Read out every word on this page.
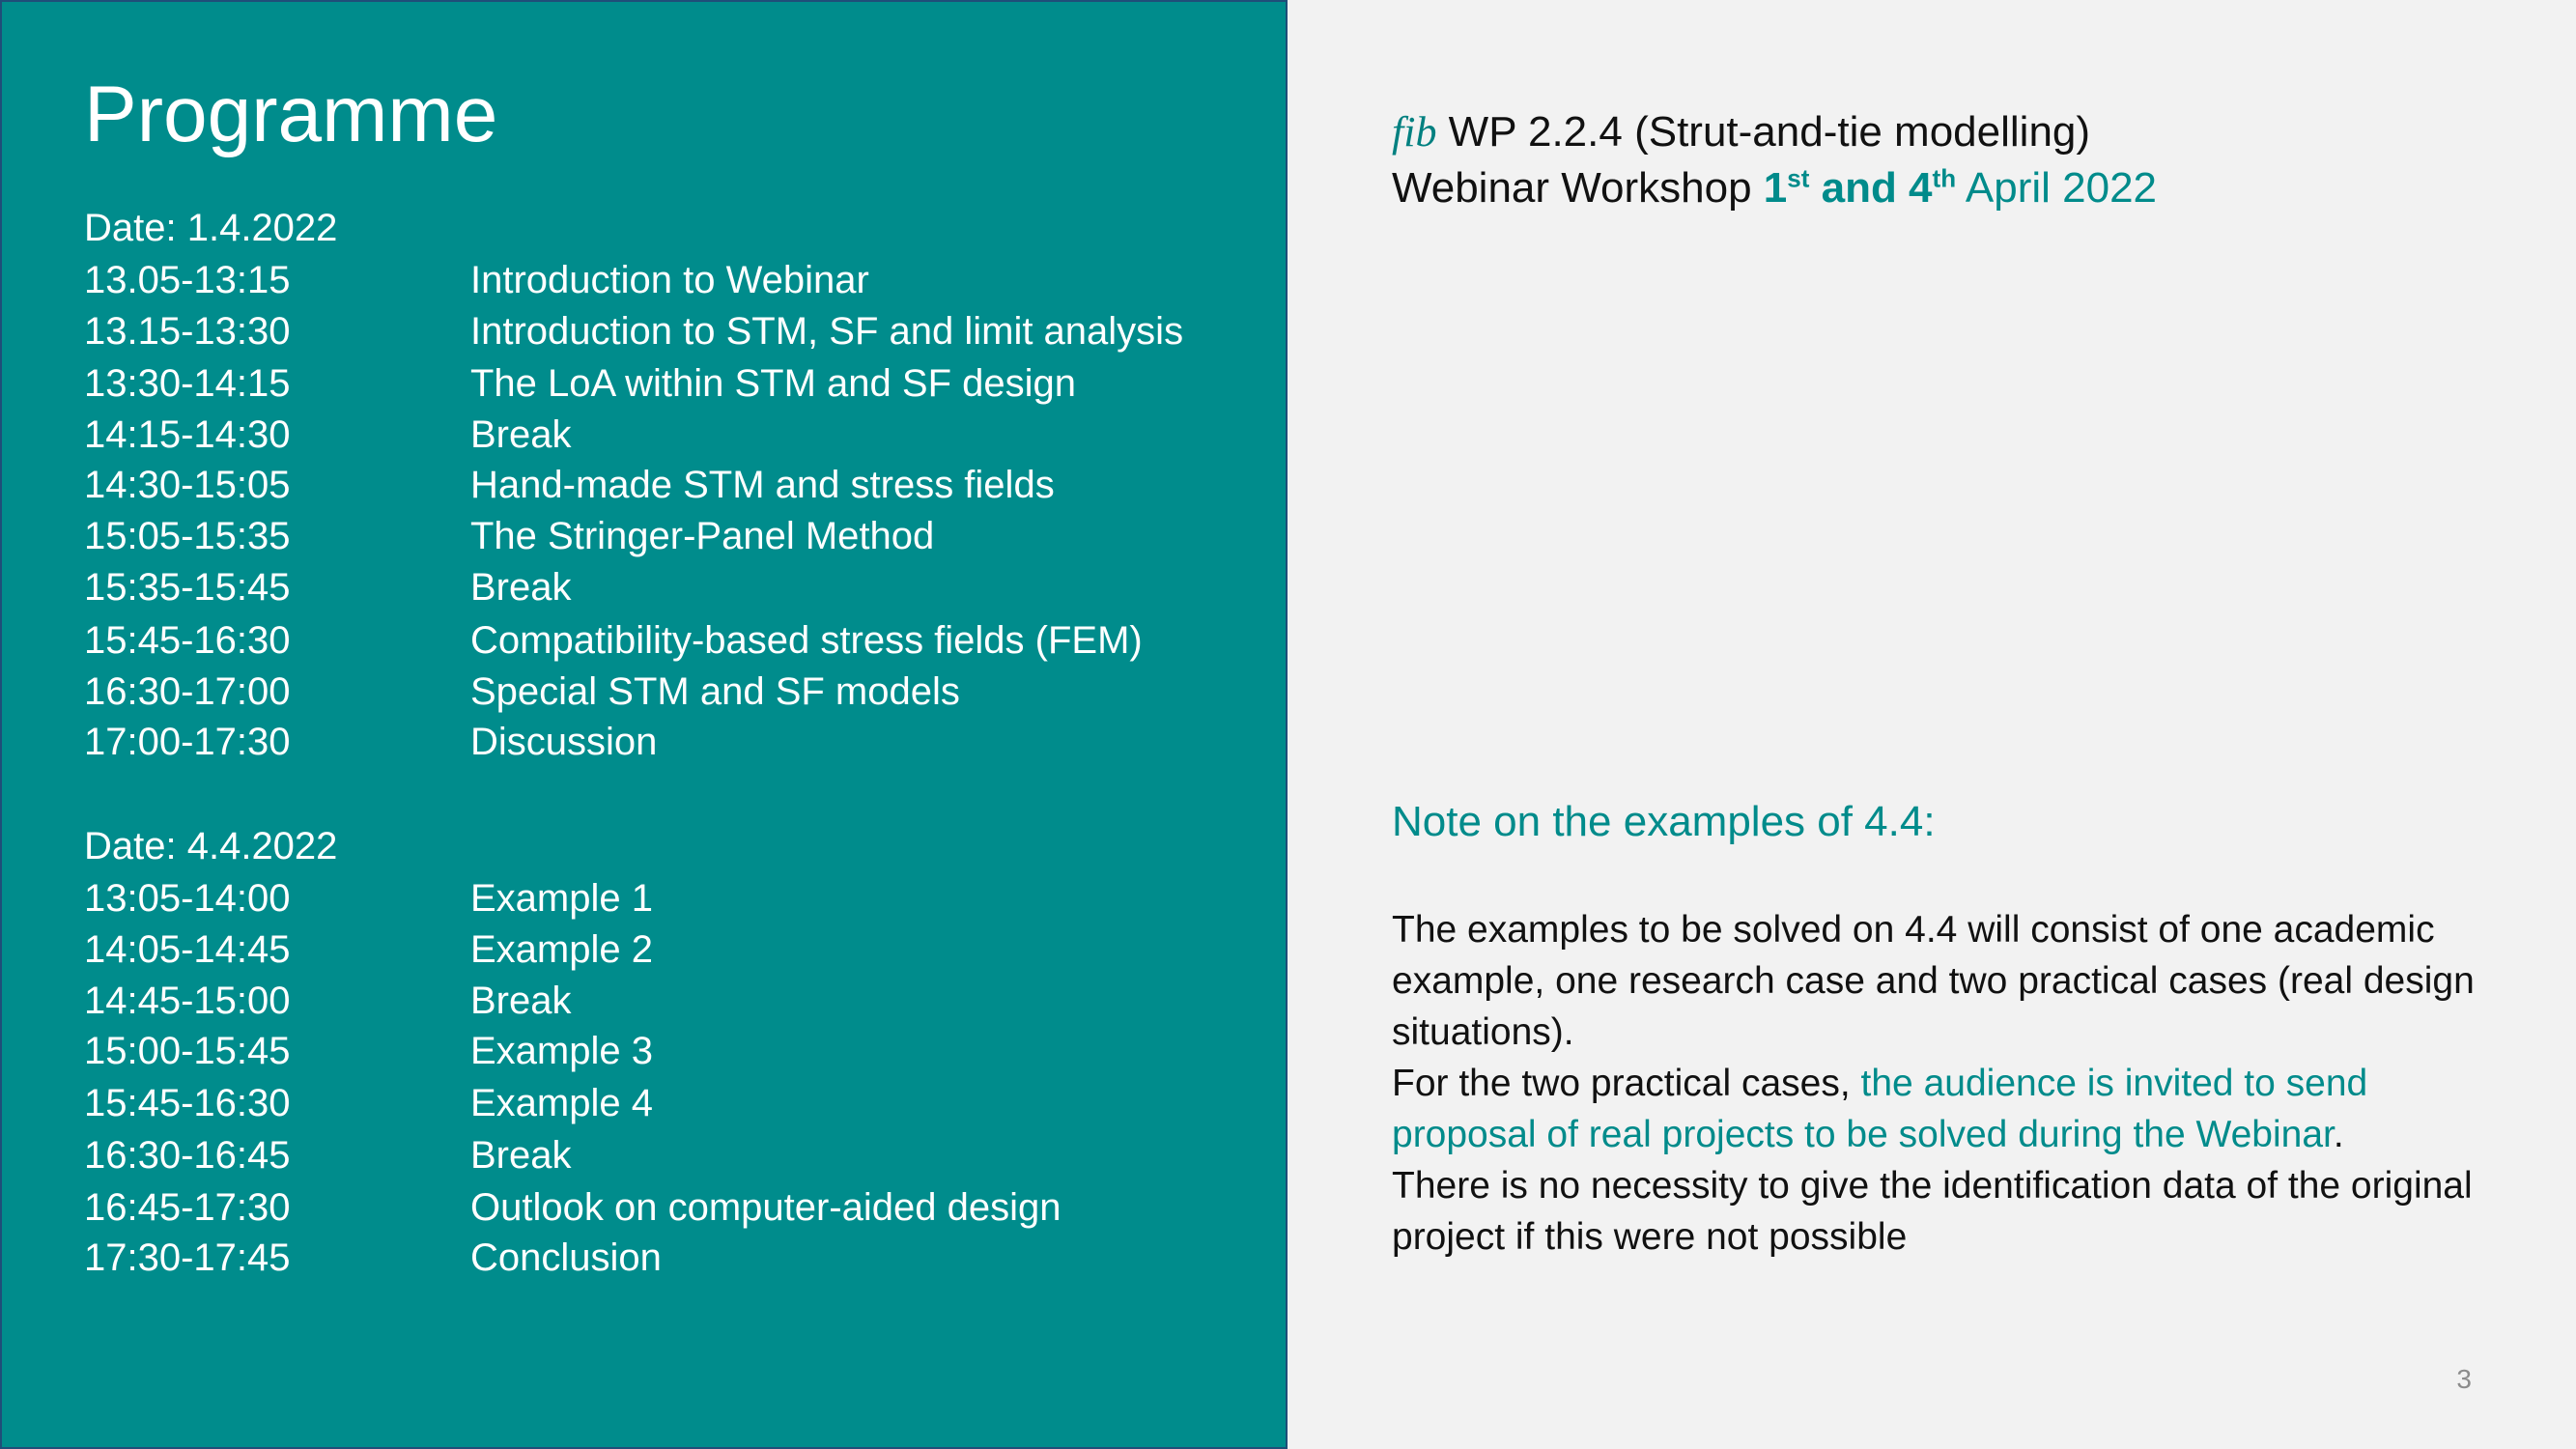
Programme
Date: 1.4.2022
13.05-13:15	Introduction to Webinar
13.15-13:30	Introduction to STM, SF and limit analysis
13:30-14:15	The LoA within STM and SF design
14:15-14:30	Break
14:30-15:05	Hand-made STM and stress fields
15:05-15:35	The Stringer-Panel Method
15:35-15:45	Break
15:45-16:30	Compatibility-based stress fields (FEM)
16:30-17:00	Special STM and SF models
17:00-17:30	Discussion
Date: 4.4.2022
13:05-14:00	Example 1
14:05-14:45	Example 2
14:45-15:00	Break
15:00-15:45	Example 3
15:45-16:30	Example 4
16:30-16:45	Break
16:45-17:30	Outlook on computer-aided design
17:30-17:45	Conclusion
fib WP 2.2.4 (Strut-and-tie modelling)
Webinar Workshop 1st and 4th April 2022
Note on the examples of 4.4:

The examples to be solved on 4.4 will consist of one academic example, one research case and two practical cases (real design situations).

For the two practical cases, the audience is invited to send proposal of real projects to be solved during the Webinar.

There is no necessity to give the identification data of the original project if this were not possible

3
